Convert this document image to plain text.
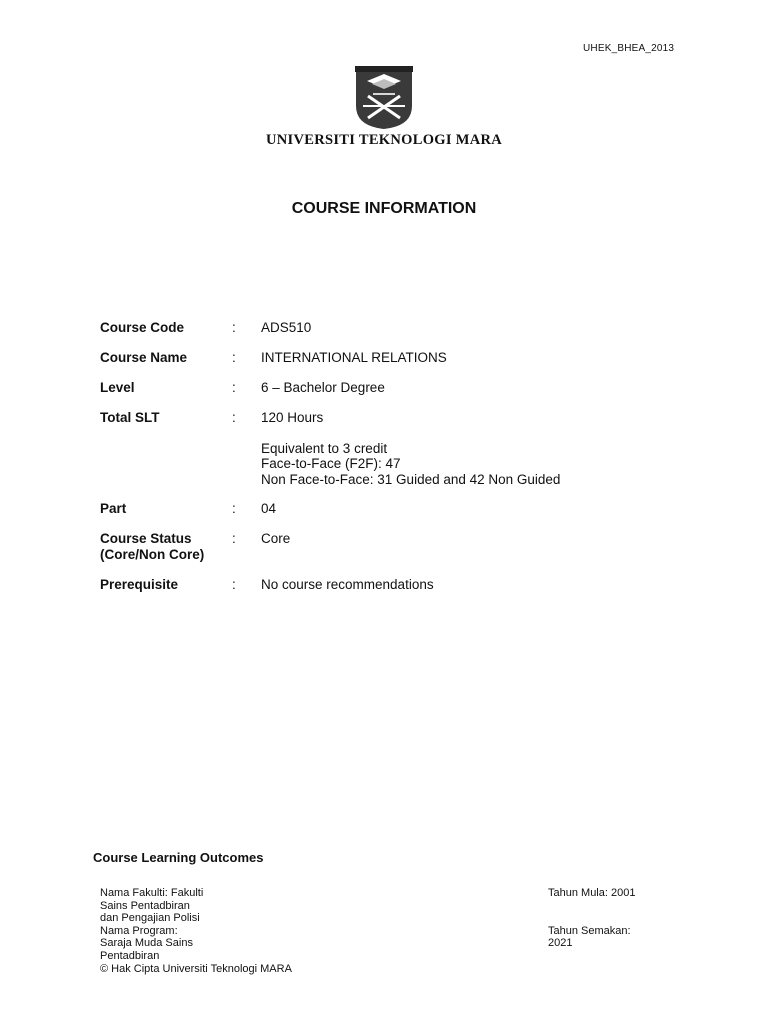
UHEK_BHEA_2013
UNIVERSITI TEKNOLOGI MARA
COURSE INFORMATION
Course Code	:	ADS510
Course Name	:	INTERNATIONAL RELATIONS
Level	:	6 – Bachelor Degree
Total SLT	:	120 Hours
Equivalent to 3 credit
Face-to-Face (F2F): 47
Non Face-to-Face: 31 Guided and 42 Non Guided
Part	:	04
Course Status
(Core/Non Core)
:	Core
Prerequisite	:	No course recommendations
Course Learning Outcomes
Nama Fakulti: Fakulti
Sains Pentadbiran
dan Pengajian Polisi
Nama Program:
Saraja Muda Sains
Pentadbiran
© Hak Cipta Universiti Teknologi MARA
Tahun Mula: 2001
Tahun Semakan:
2021
